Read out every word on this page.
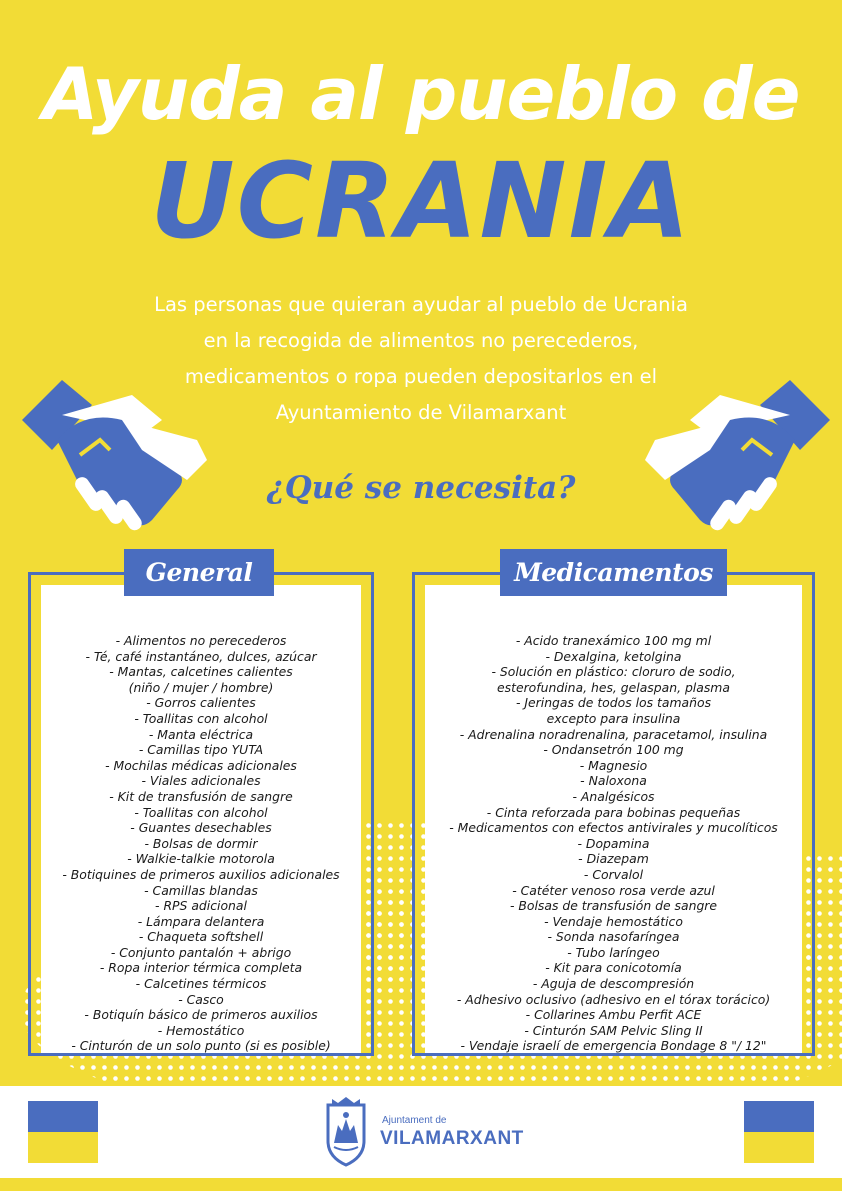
Ayuda al pueblo de
UCRANIA
Las personas que quieran ayudar al pueblo de Ucrania
en la recogida de alimentos no perecederos,
medicamentos o ropa pueden depositarlos en el
Ayuntamiento de Vilamarxant
¿Qué se necesita?
- Alimentos no perecederos
- Té, café instantáneo, dulces, azúcar
- Mantas, calcetines calientes
(niño / mujer / hombre)
- Gorros calientes
- Toallitas con alcohol
- Manta eléctrica
- Camillas tipo YUTA
- Mochilas médicas adicionales
- Viales adicionales
- Kit de transfusión de sangre
- Toallitas con alcohol
- Guantes desechables
- Bolsas de dormir
- Walkie-talkie motorola
- Botiquines de primeros auxilios adicionales
- Camillas blandas
- RPS adicional
- Lámpara delantera
- Chaqueta softshell
- Conjunto pantalón + abrigo
- Ropa interior térmica completa
- Calcetines térmicos
- Casco
- Botiquín básico de primeros auxilios
- Hemostático
- Cinturón de un solo punto (si es posible)
General
- Acido tranexámico 100 mg ml
- Dexalgina, ketolgina
- Solución en plástico: cloruro de sodio,
esterofundina, hes, gelaspan, plasma
- Jeringas de todos los tamaños
excepto para insulina
- Adrenalina noradrenalina, paracetamol, insulina
- Ondansetrón 100 mg
- Magnesio
- Naloxona
- Analgésicos
- Cinta reforzada para bobinas pequeñas
- Medicamentos con efectos antivirales y mucolíticos
- Dopamina
- Diazepam
- Corvalol
- Catéter venoso rosa verde azul
- Bolsas de transfusión de sangre
- Vendaje hemostático
- Sonda nasofaríngea
- Tubo laríngeo
- Kit para conicotomía
- Aguja de descompresión
- Adhesivo oclusivo (adhesivo en el tórax torácico)
- Collarines Ambu Perfit ACE
- Cinturón SAM Pelvic Sling II
- Vendaje israelí de emergencia Bondage 8 "/ 12"
Medicamentos
Ajuntament de
VILAMARXANT
